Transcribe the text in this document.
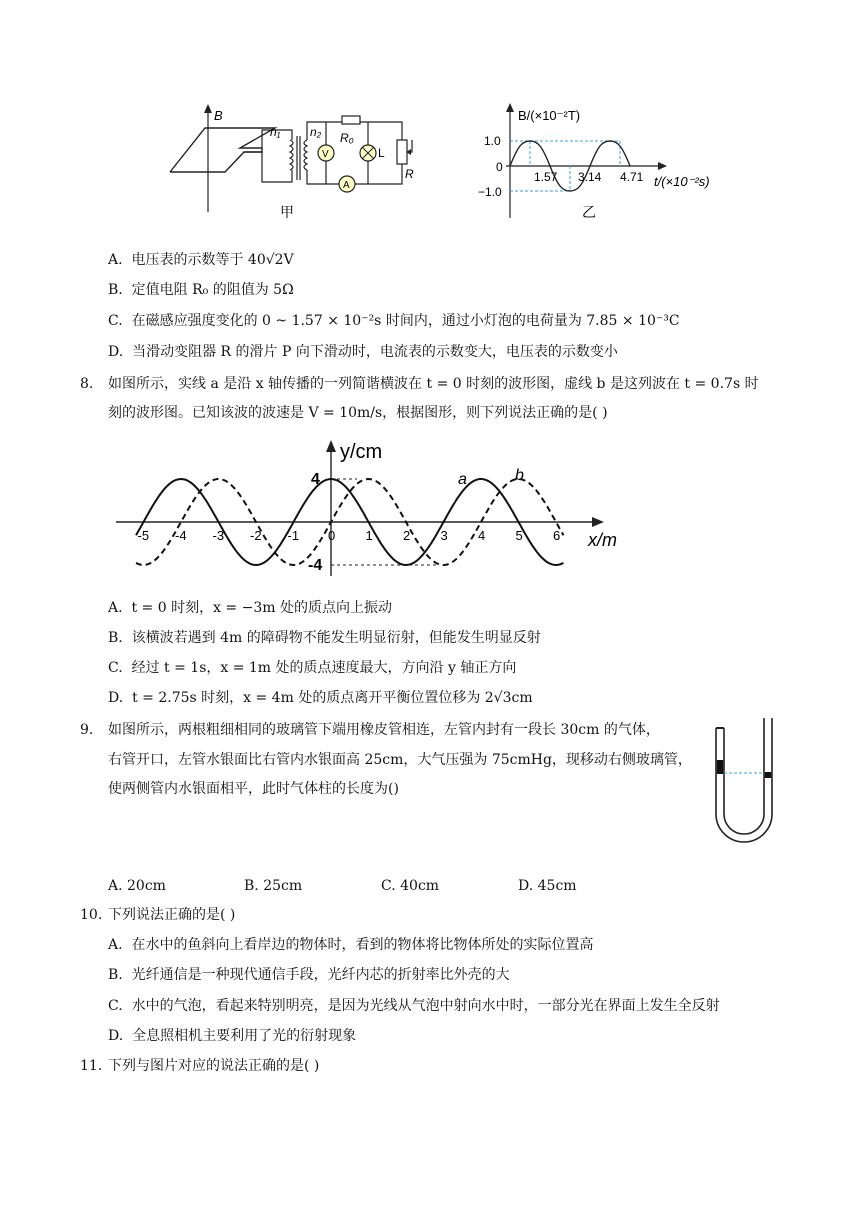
B
n₁ n₂ R₀
V	L
A
R
甲
B/(×10⁻²T)
t/(×10⁻²s)
1.0
0
−1.0
1.57 3.14 4.71
乙
A. 电压表的示数等于 40√2V
B. 定值电阻 R₀ 的阻值为 5Ω
C. 在磁感应强度变化的 0 ~ 1.57 × 10⁻²s 时间内，通过小灯泡的电荷量为 7.85 × 10⁻³C
D. 当滑动变阻器 R 的滑片 P 向下滑动时，电流表的示数变大，电压表的示数变小
8. 如图所示，实线 a 是沿 x 轴传播的一列简谐横波在 t = 0 时刻的波形图，虚线 b 是这列波在 t = 0.7s 时
刻的波形图。已知该波的波速是 V = 10m/s，根据图形，则下列说法正确的是( )
y/cm
x/m
4
-4
a	b
-5 -4 -3 -2 -1 0 1 2 3 4 5 6
A. t = 0 时刻，x = −3m 处的质点向上振动
B. 该横波若遇到 4m 的障碍物不能发生明显衍射，但能发生明显反射
C. 经过 t = 1s，x = 1m 处的质点速度最大，方向沿 y 轴正方向
D. t = 2.75s 时刻，x = 4m 处的质点离开平衡位置位移为 2√3cm
9. 如图所示，两根粗细相同的玻璃管下端用橡皮管相连，左管内封有一段长 30cm 的气体，
右管开口，左管水银面比右管内水银面高 25cm，大气压强为 75cmHg，现移动右侧玻璃管，
使两侧管内水银面相平，此时气体柱的长度为()
A. 20cm	B. 25cm	C. 40cm	D. 45cm
10. 下列说法正确的是( )
A. 在水中的鱼斜向上看岸边的物体时，看到的物体将比物体所处的实际位置高
B. 光纤通信是一种现代通信手段，光纤内芯的折射率比外壳的大
C. 水中的气泡，看起来特别明亮，是因为光线从气泡中射向水中时，一部分光在界面上发生全反射
D. 全息照相机主要利用了光的衍射现象
11. 下列与图片对应的说法正确的是( )
